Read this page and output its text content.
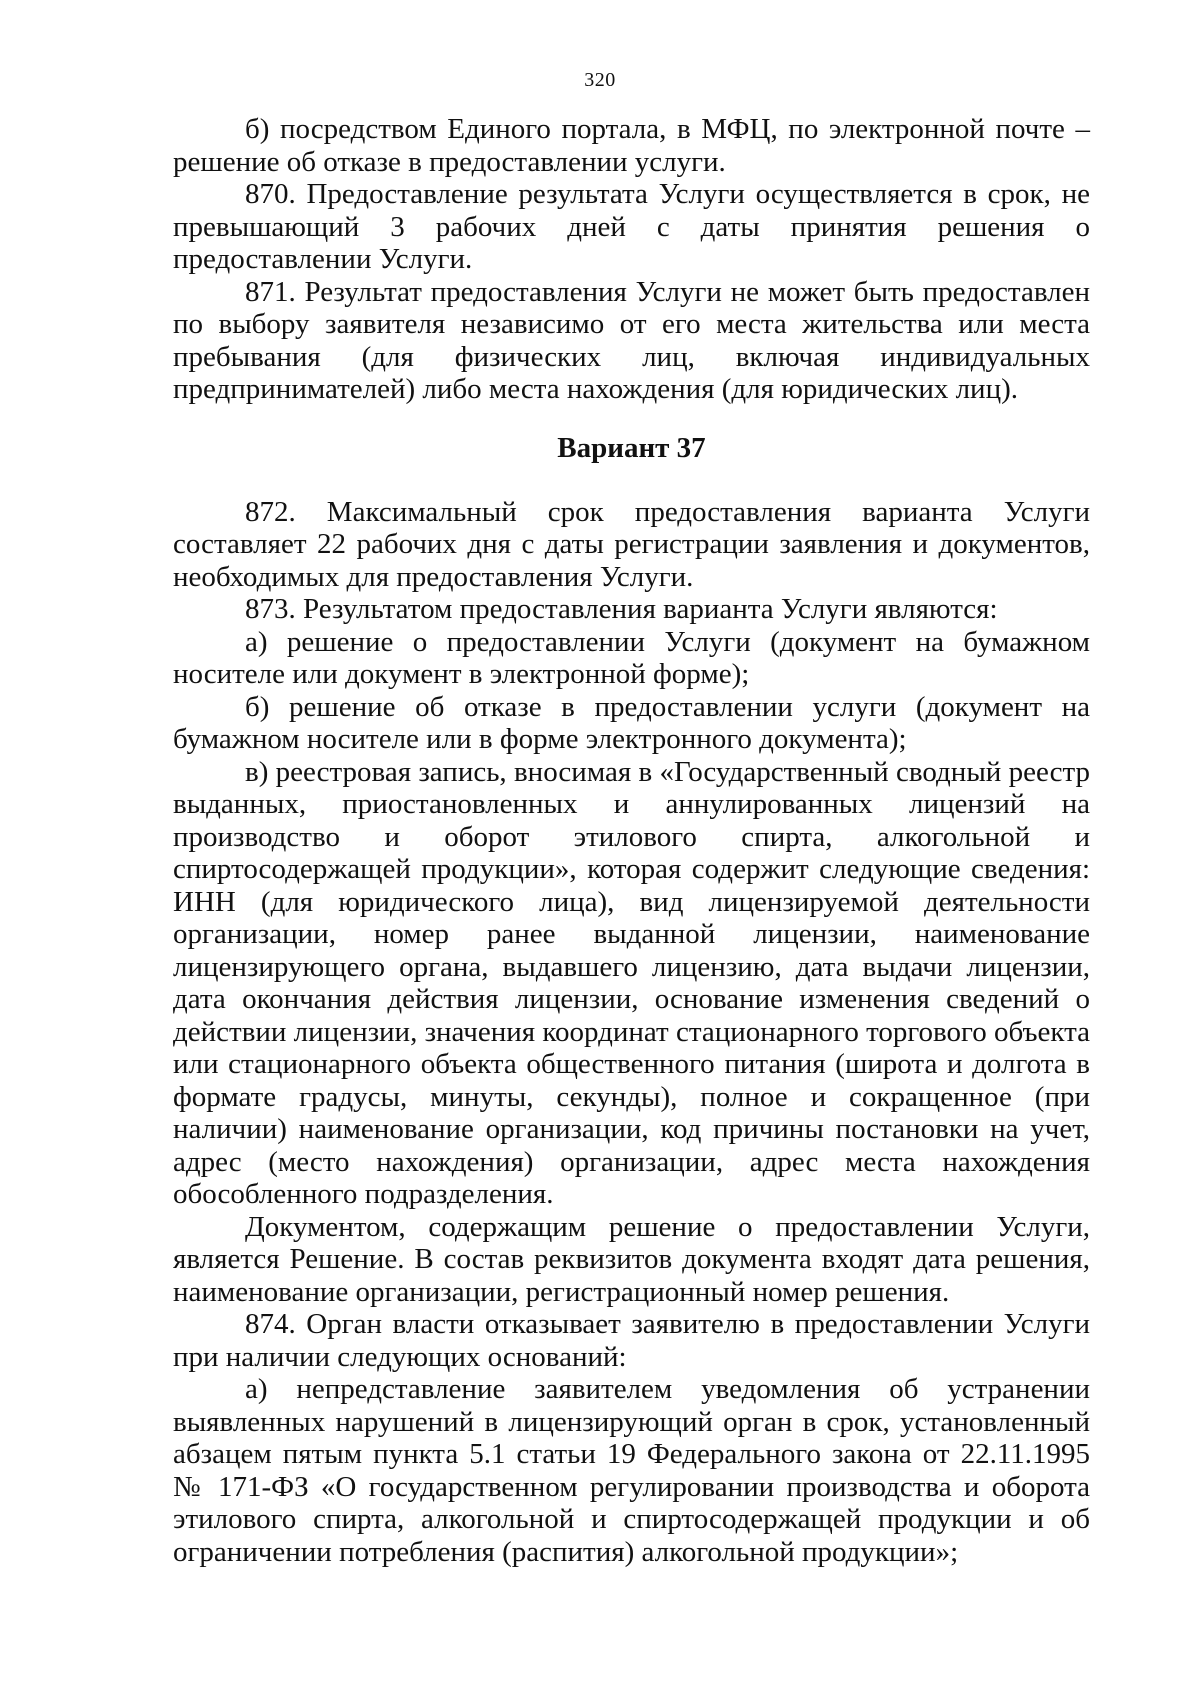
320

б) посредством Единого портала, в МФЦ, по электронной почте – решение об отказе в предоставлении услуги.

870. Предоставление результата Услуги осуществляется в срок, не превышающий 3 рабочих дней с даты принятия решения о предоставлении Услуги.

871. Результат предоставления Услуги не может быть предоставлен по выбору заявителя независимо от его места жительства или места пребывания (для физических лиц, включая индивидуальных предпринимателей) либо места нахождения (для юридических лиц).

Вариант 37

872. Максимальный срок предоставления варианта Услуги составляет 22 рабочих дня с даты регистрации заявления и документов, необходимых для предоставления Услуги.

873. Результатом предоставления варианта Услуги являются:

а) решение о предоставлении Услуги (документ на бумажном носителе или документ в электронной форме);

б) решение об отказе в предоставлении услуги (документ на бумажном носителе или в форме электронного документа);

в) реестровая запись, вносимая в «Государственный сводный реестр выданных, приостановленных и аннулированных лицензий на производство и оборот этилового спирта, алкогольной и спиртосодержащей продукции», которая содержит следующие сведения: ИНН (для юридического лица), вид лицензируемой деятельности организации, номер ранее выданной лицензии, наименование лицензирующего органа, выдавшего лицензию, дата выдачи лицензии, дата окончания действия лицензии, основание изменения сведений о действии лицензии, значения координат стационарного торгового объекта или стационарного объекта общественного питания (широта и долгота в формате градусы, минуты, секунды), полное и сокращенное (при наличии) наименование организации, код причины постановки на учет, адрес (место нахождения) организации, адрес места нахождения обособленного подразделения.

Документом, содержащим решение о предоставлении Услуги, является Решение. В состав реквизитов документа входят дата решения, наименование организации, регистрационный номер решения.

874. Орган власти отказывает заявителю в предоставлении Услуги при наличии следующих оснований:

а) непредставление заявителем уведомления об устранении выявленных нарушений в лицензирующий орган в срок, установленный абзацем пятым пункта 5.1 статьи 19 Федерального закона от 22.11.1995 № 171-ФЗ «О государственном регулировании производства и оборота этилового спирта, алкогольной и спиртосодержащей продукции и об ограничении потребления (распития) алкогольной продукции»;
